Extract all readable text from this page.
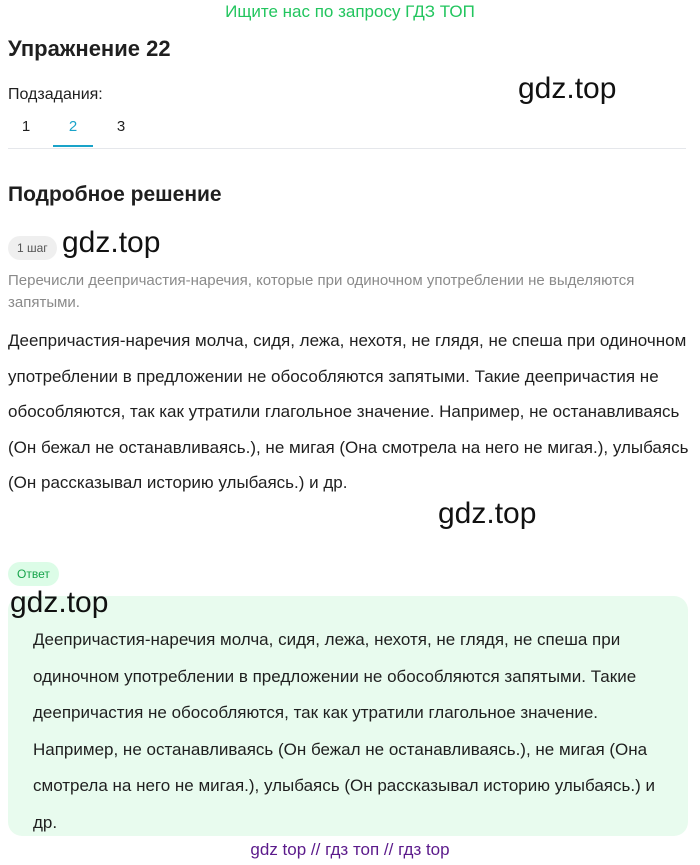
Ищите нас по запросу ГДЗ ТОП
Упражнение 22
Подзадания:	gdz.top
1	2	3
Подробное решение
1 шаг gdz.top
Перечисли деепричастия-наречия, которые при одиночном употреблении не выделяются запятыми.
Деепричастия-наречия молча, сидя, лежа, нехотя, не глядя, не спеша при одиночном употреблении в предложении не обособляются запятыми. Такие деепричастия не обособляются, так как утратили глагольное значение. Например, не останавливаясь (Он бежал не останавливаясь.), не мигая (Она смотрела на него не мигая.), улыбаясь (Он рассказывал историю улыбаясь.) и др.
gdz.top
Ответ
gdz.top
Деепричастия-наречия молча, сидя, лежа, нехотя, не глядя, не спеша при одиночном употреблении в предложении не обособляются запятыми. Такие деепричастия не обособляются, так как утратили глагольное значение. Например, не останавливаясь (Он бежал не останавливаясь.), не мигая (Она смотрела на него не мигая.), улыбаясь (Он рассказывал историю улыбаясь.) и др.
gdz top // гдз топ // гдз top
